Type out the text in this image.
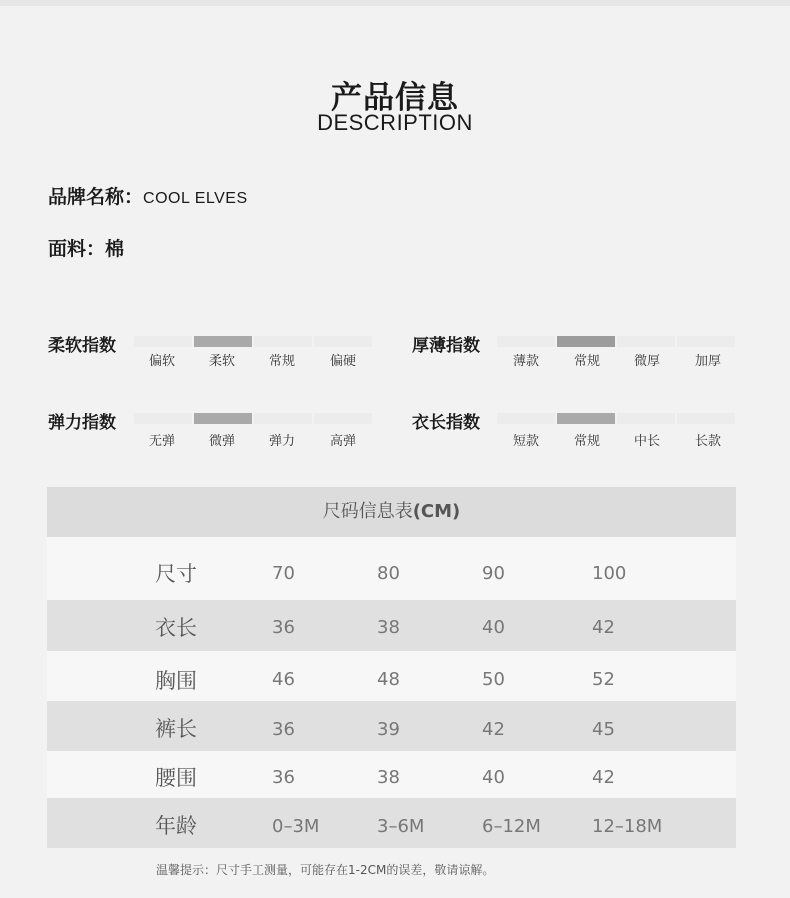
产品信息
DESCRIPTION
品牌名称：COOL ELVES
面料：棉
柔软指数
偏软	柔软	常规	偏硬
厚薄指数
薄款	常规	微厚	加厚
弹力指数
无弹	微弹	弹力	高弹
衣长指数
短款	常规	中长	长款
尺码信息表(CM)
尺寸	70	80	90	100
衣长	36	38	40	42
胸围	46	48	50	52
裤长	36	39	42	45
腰围	36	38	40	42
年龄	0–3M	3–6M	6–12M	12–18M
温馨提示：尺寸手工测量，可能存在1-2CM的误差，敬请谅解。
